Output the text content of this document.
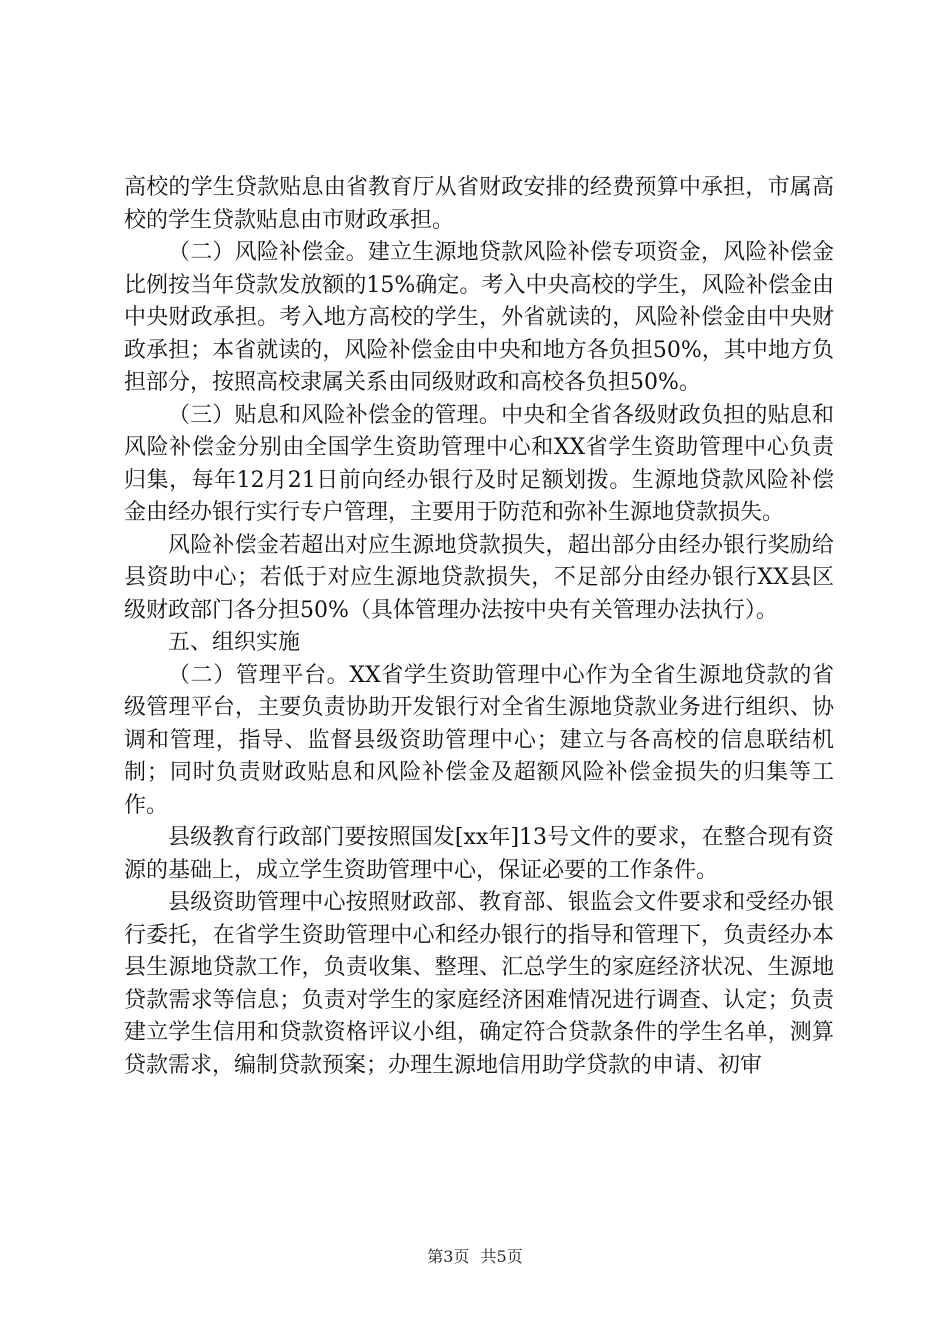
高校的学生贷款贴息由省教育厅从省财政安排的经费预算中承担，市属高校的学生贷款贴息由市财政承担。

（二）风险补偿金。建立生源地贷款风险补偿专项资金，风险补偿金比例按当年贷款发放额的15%确定。考入中央高校的学生，风险补偿金由中央财政承担。考入地方高校的学生，外省就读的，风险补偿金由中央财政承担；本省就读的，风险补偿金由中央和地方各负担50%，其中地方负担部分，按照高校隶属关系由同级财政和高校各负担50%。

（三）贴息和风险补偿金的管理。中央和全省各级财政负担的贴息和风险补偿金分别由全国学生资助管理中心和XX省学生资助管理中心负责归集，每年12月21日前向经办银行及时足额划拨。生源地贷款风险补偿金由经办银行实行专户管理，主要用于防范和弥补生源地贷款损失。

风险补偿金若超出对应生源地贷款损失，超出部分由经办银行奖励给县资助中心；若低于对应生源地贷款损失，不足部分由经办银行XX县区级财政部门各分担50%（具体管理办法按中央有关管理办法执行）。

五、组织实施

（二）管理平台。XX省学生资助管理中心作为全省生源地贷款的省级管理平台，主要负责协助开发银行对全省生源地贷款业务进行组织、协调和管理，指导、监督县级资助管理中心；建立与各高校的信息联结机制；同时负责财政贴息和风险补偿金及超额风险补偿金损失的归集等工作。

县级教育行政部门要按照国发[xx年]13号文件的要求，在整合现有资源的基础上，成立学生资助管理中心，保证必要的工作条件。

县级资助管理中心按照财政部、教育部、银监会文件要求和受经办银行委托，在省学生资助管理中心和经办银行的指导和管理下，负责经办本县生源地贷款工作，负责收集、整理、汇总学生的家庭经济状况、生源地贷款需求等信息；负责对学生的家庭经济困难情况进行调查、认定；负责建立学生信用和贷款资格评议小组，确定符合贷款条件的学生名单，测算贷款需求，编制贷款预案；办理生源地信用助学贷款的申请、初审

第3页 共5页
